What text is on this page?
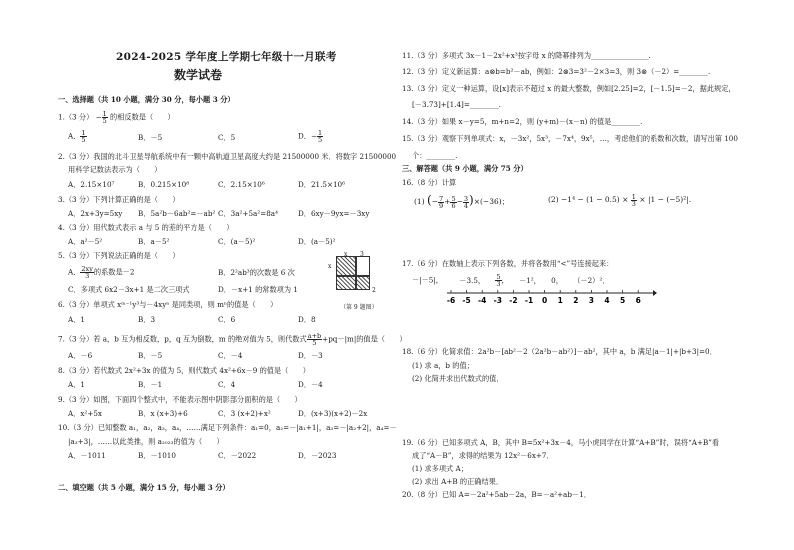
2024-2025 学年度上学期七年级十一月联考
数学试卷
一、选择题（共 10 小题，满分 30 分，每小题 3 分）
1.（3 分） − $\frac{1}{5}$ 的相反数是（　　）
A． $\frac{1}{5}$	B．－5	C．5	D．− $\frac{1}{5}$
2.（3 分）我国的北斗卫星导航系统中有一颗中高轨道卫星高度大约是 21500000 米．将数字 21500000
用科学记数法表示为（　　）
A．2.15×10⁷	B．0.215×10⁸	C．2.15×10⁶	D．21.5×10⁶
3.（3 分）下列计算正确的是（　　）
A．2x+3y=5xy B．5a²b－6ab²=－ab² C．3a²+5a²=8a⁴	D．6xy－9yx=－3xy
4.（3 分）用代数式表示 a 与 5 的差的平方是（　　）
A．a²－5²	B．a－5²	C．(a－5)²	D．(a－5)²
5.（3 分）下列说法正确的是（　　）
A． $\frac{2xy}{3}$ 的系数是－2	B．2²ab³的次数是 6 次
C．多项式 6x2－3x+1 是二次三项式	D．－x+1 的常数项为 1
x 3
x
2
（第 9 题图）
6.（3 分）单项式 xᵐ⁻¹y³与－4xyⁿ 是同类项，则 mⁿ的值是（　　）
A．1	B．3	C．6	D．8
7.（3 分）若 a，b 互为相反数，p，q 互为倒数，m 的绝对值为 5，则代数式 $\frac{a+b}{5} +pq-|m|$的值是（　　）
A．－6	B．－5	C．－4	D．－3
8.（3 分）若代数式 2x²+3x 的值为 5，则代数式 4x²+6x－9 的值是（　　）
A．1	B．－1	C．4	D．－4
9.（3 分）如图，下面四个整式中，不能表示图中阴影部分面积的是（　　）
A．x²+5x	B．x (x+3)+6	C．3 (x+2)+x²	D．(x+3)(x+2)－2x
10.（3 分）已知整数 a₁，a₂，a₃，a₄，……满足下列条件：a₁=0，a₂=－|a₁+1|，a₃=－|a₂+2|，a₄=－
|a₃+3|，……以此类推，则 a₂₀₂₃的值为（　　）
A．－1011	B．－1010	C．－2022	D．－2023
二、填空题（共 5 小题，满分 15 分，每小题 3 分）
11.（3 分）多项式 3x－1－2x²+x³按字母 x 的降幂排列为________________.
12.（3 分）定义新运算：a⊗b=b²－ab，例如：2⊗3=3²－2×3=3，则 3⊗（－2）=________.
13.（3 分）定义一种运算，设[x]表示不超过 x 的最大整数，例如[2.25]=2，[－1.5]=－2，据此规定，
[－3.73]+[1.4]=________.
14.（3 分）如果 x－y=5，m+n=2，则 (y+m)－(x－n) 的值是________.
15.（3 分）观察下列单项式：x，－3x²，5x³，－7x⁴，9x⁵，…，考虑他们的系数和次数，请写出第 100
个：________.
三、解答题（共 9 小题，满分 75 分）
16.（8 分）计算
(1) (− $\frac{7}{9} + \frac{5}{6} - \frac{3}{4} )\times(-36)$；	$(2) -1^4 - (1 - 0.5) \times \frac{1}{3} \times |1 - (-5)^2|$.
17.（6 分）在数轴上表示下列各数，并将各数用“<”号连接起来：
－|－5|， －3.5， $\frac{5}{3}$ ， －1²， 0， （－2）²．
-6 -5 -4 -3 -2 -1 0 1 2 3 4 5 6
18.（6 分）化简求值：2a²b－[ab²－2（2a²b－ab²）]－ab²，其中 a，b 满足|a－1|+|b+3|=0．
(1) 求 a，b 的值；
(2) 化简并求出代数式的值．
19.（6 分）已知多项式 A，B，其中 B=5x²+3x－4，马小虎同学在计算“A+B”时，误将“A+B”看
成了“A－B”，求得的结果为 12x²－6x+7．
(1) 求多项式 A；
(2) 求出 A+B 的正确结果．
20.（8 分）已知 A=－2a²+5ab－2a，B=－a²+ab－1．
